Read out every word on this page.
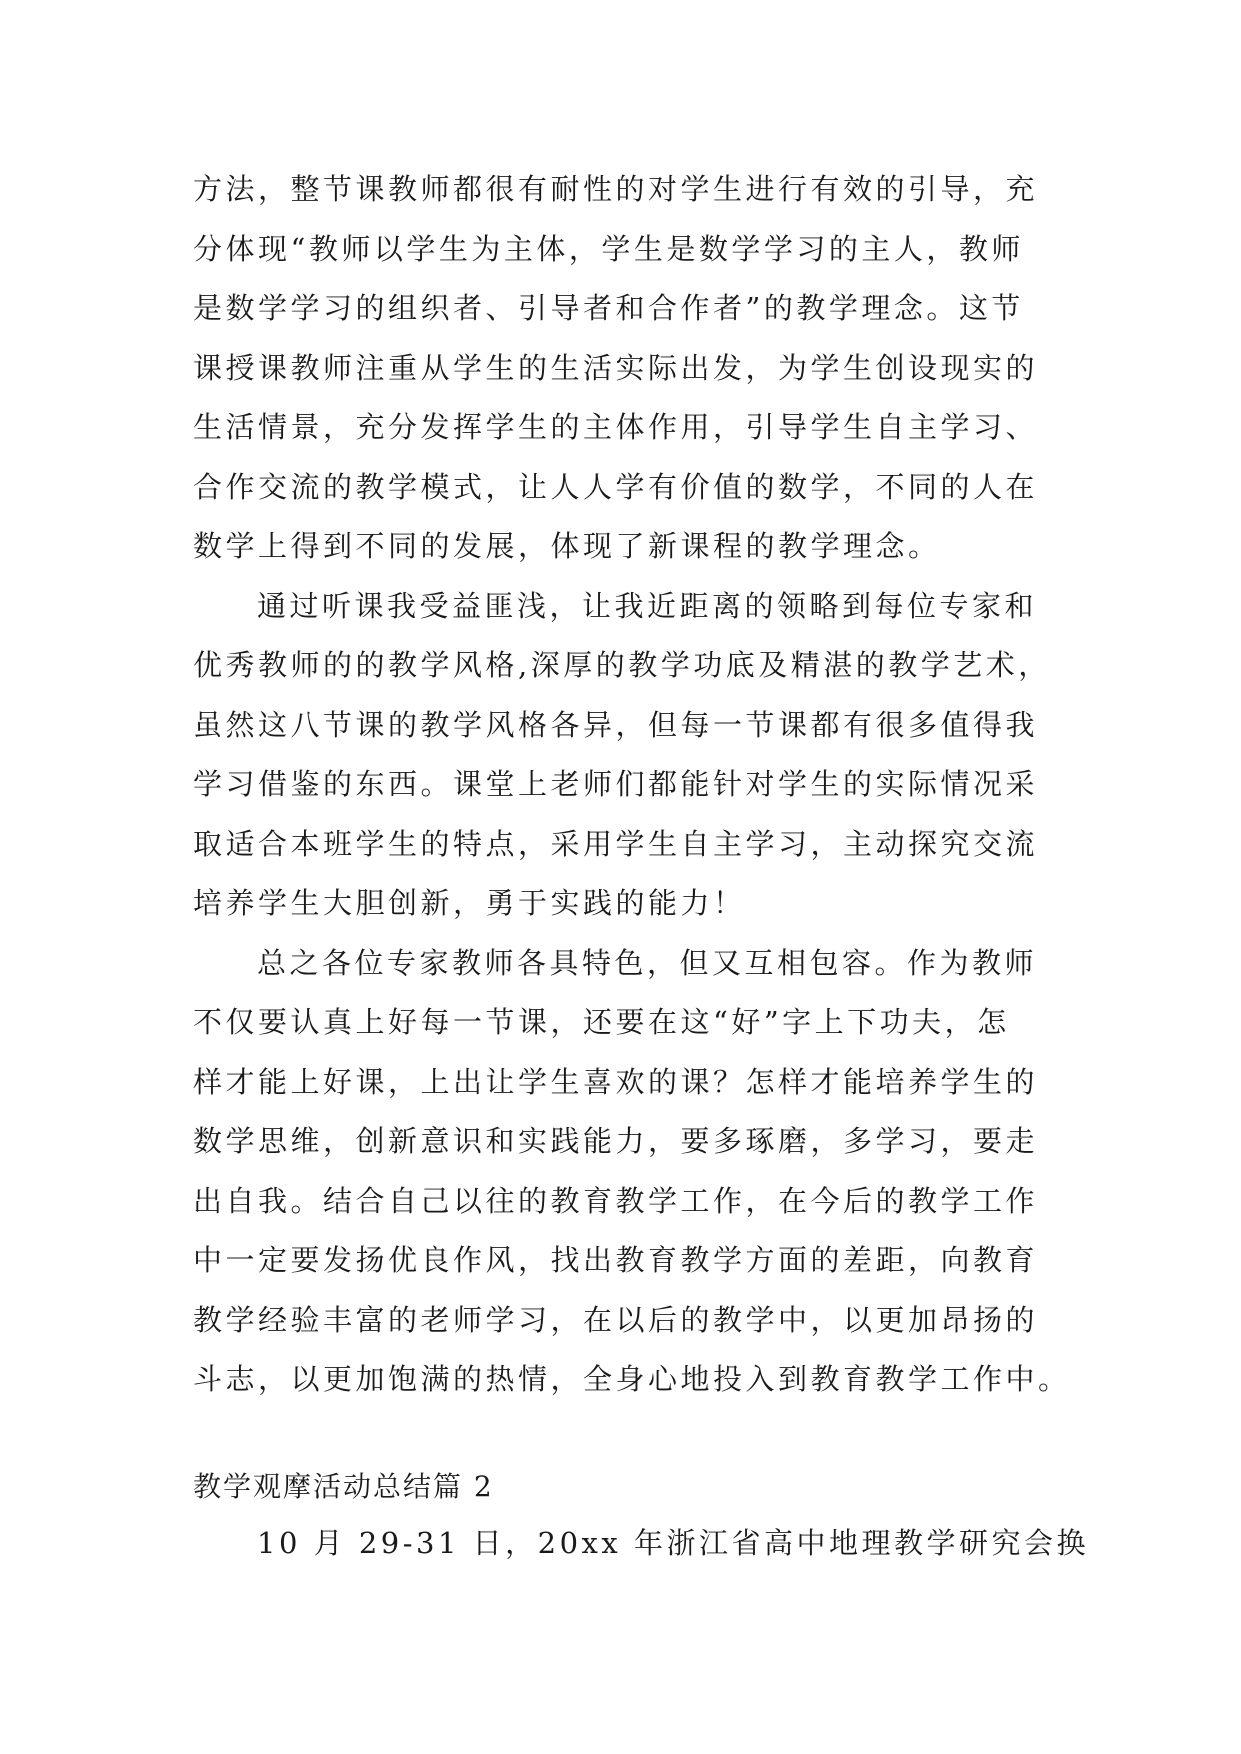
方法，整节课教师都很有耐性的对学生进行有效的引导，充
分体现“教师以学生为主体，学生是数学学习的主人，教师
是数学学习的组织者、引导者和合作者”的教学理念。这节
课授课教师注重从学生的生活实际出发，为学生创设现实的
生活情景，充分发挥学生的主体作用，引导学生自主学习、
合作交流的教学模式，让人人学有价值的数学，不同的人在
数学上得到不同的发展，体现了新课程的教学理念。
通过听课我受益匪浅，让我近距离的领略到每位专家和
优秀教师的的教学风格,深厚的教学功底及精湛的教学艺术，
虽然这八节课的教学风格各异，但每一节课都有很多值得我
学习借鉴的东西。课堂上老师们都能针对学生的实际情况采
取适合本班学生的特点，采用学生自主学习，主动探究交流
培养学生大胆创新，勇于实践的能力！
总之各位专家教师各具特色，但又互相包容。作为教师
不仅要认真上好每一节课，还要在这“好”字上下功夫，怎
样才能上好课，上出让学生喜欢的课？怎样才能培养学生的
数学思维，创新意识和实践能力，要多琢磨，多学习，要走
出自我。结合自己以往的教育教学工作，在今后的教学工作
中一定要发扬优良作风，找出教育教学方面的差距，向教育
教学经验丰富的老师学习，在以后的教学中，以更加昂扬的
斗志，以更加饱满的热情，全身心地投入到教育教学工作中。
教学观摩活动总结篇 2
10 月 29-31 日，20xx 年浙江省高中地理教学研究会换
